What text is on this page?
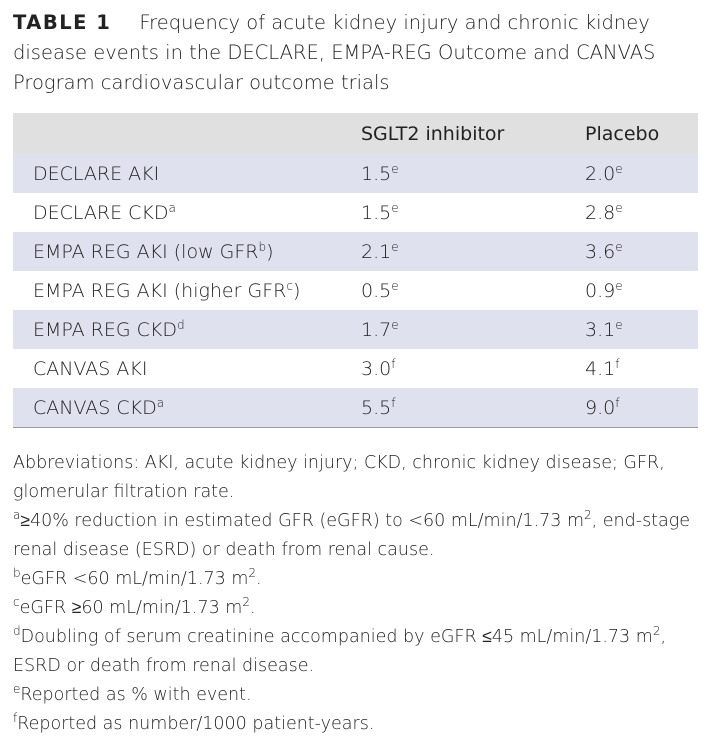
TABLE 1 Frequency of acute kidney injury and chronic kidney disease events in the DECLARE, EMPA-REG Outcome and CANVAS Program cardiovascular outcome trials
	SGLT2 inhibitor	Placebo
DECLARE AKI	1.5e	2.0e
DECLARE CKD$^a$	1.5e	2.8e
EMPA REG AKI (low GFR$^b$)	2.1e	3.6e
EMPA REG AKI (higher GFR$^c$)	0.5e	0.9e
EMPA REG CKD$^d$	1.7e	3.1e
CANVAS AKI	3.0$^f$	4.1$^f$
CANVAS CKD$^a$	5.5$^f$	9.0$^f$

Abbreviations: AKI, acute kidney injury; CKD, chronic kidney disease; GFR, glomerular filtration rate.

$^a$≥40% reduction in estimated GFR (eGFR) to <60 mL/min/1.73 $m^2$, end-stage renal disease (ESRD) or death from renal cause.

$^b$eGFR <60 mL/min/1.73 $m^2$.

$^c$eGFR ≥60 mL/min/1.73 $m^2$.

$^d$Doubling of serum creatinine accompanied by eGFR ≤45 mL/min/1.73 $m^2$, ESRD or death from renal disease.

$^e$Reported as % with event.

$^f$Reported as number/1000 patient-years.
